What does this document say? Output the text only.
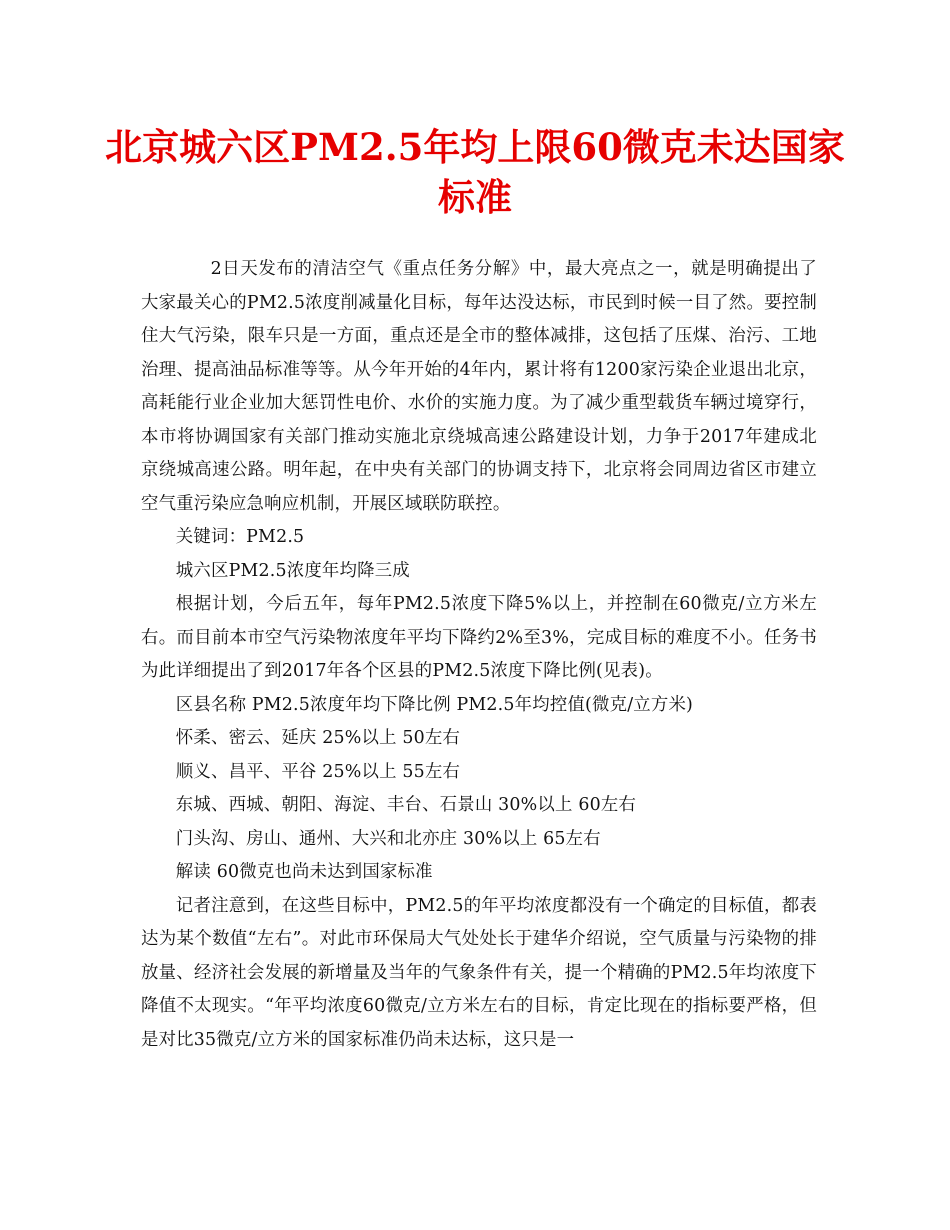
北京城六区PM2.5年均上限60微克未达国家标准

2日天发布的清洁空气《重点任务分解》中，最大亮点之一，就是明确提出了大家最关心的PM2.5浓度削减量化目标，每年达没达标，市民到时候一目了然。要控制住大气污染，限车只是一方面，重点还是全市的整体减排，这包括了压煤、治污、工地治理、提高油品标准等等。从今年开始的4年内，累计将有1200家污染企业退出北京，高耗能行业企业加大惩罚性电价、水价的实施力度。为了减少重型载货车辆过境穿行，本市将协调国家有关部门推动实施北京绕城高速公路建设计划，力争于2017年建成北京绕城高速公路。明年起，在中央有关部门的协调支持下，北京将会同周边省区市建立空气重污染应急响应机制，开展区域联防联控。

关键词：PM2.5

城六区PM2.5浓度年均降三成

根据计划，今后五年，每年PM2.5浓度下降5%以上，并控制在60微克/立方米左右。而目前本市空气污染物浓度年平均下降约2%至3%，完成目标的难度不小。任务书为此详细提出了到2017年各个区县的PM2.5浓度下降比例(见表)。

区县名称 PM2.5浓度年均下降比例 PM2.5年均控值(微克/立方米)

怀柔、密云、延庆 25%以上 50左右

顺义、昌平、平谷 25%以上 55左右

东城、西城、朝阳、海淀、丰台、石景山 30%以上 60左右

门头沟、房山、通州、大兴和北亦庄 30%以上 65左右

解读 60微克也尚未达到国家标准

记者注意到，在这些目标中，PM2.5的年平均浓度都没有一个确定的目标值，都表达为某个数值“左右”。对此市环保局大气处处长于建华介绍说，空气质量与污染物的排放量、经济社会发展的新增量及当年的气象条件有关，提一个精确的PM2.5年均浓度下降值不太现实。“年平均浓度60微克/立方米左右的目标，肯定比现在的指标要严格，但是对比35微克/立方米的国家标准仍尚未达标，这只是一
